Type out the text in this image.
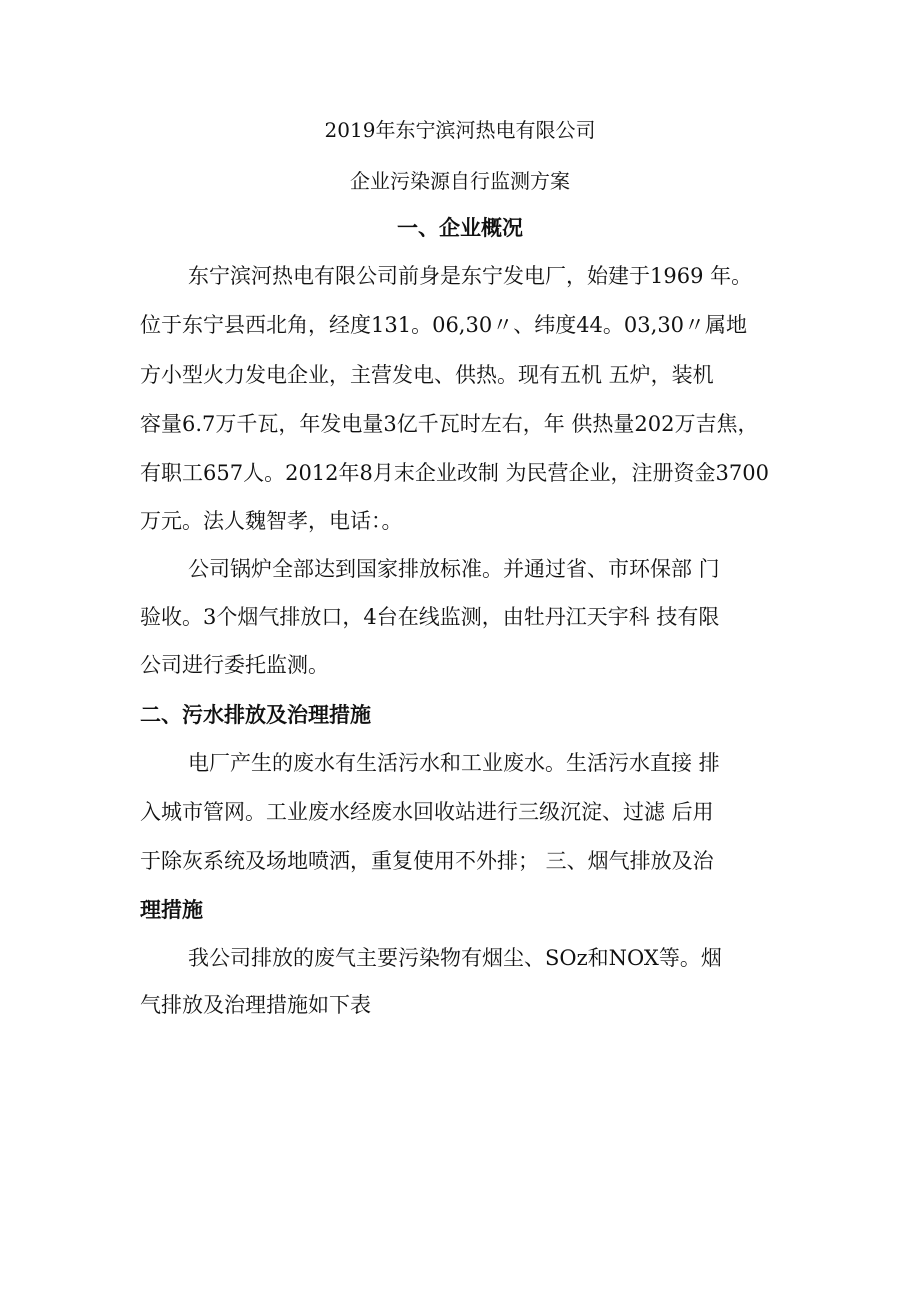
2019年东宁滨河热电有限公司

企业污染源自行监测方案

一、企业概况

东宁滨河热电有限公司前身是东宁发电厂，始建于1969 年。

位于东宁县西北角，经度131。06,30〃、纬度44。03,30〃属地

方小型火力发电企业，主营发电、供热。现有五机 五炉，装机

容量6.7万千瓦，年发电量3亿千瓦时左右，年 供热量202万吉焦，

有职工657人。2012年8月末企业改制 为民营企业，注册资金3700

万元。法人魏智孝，电话：。

公司锅炉全部达到国家排放标准。并通过省、市环保部 门

验收。3个烟气排放口，4台在线监测，由牡丹江天宇科 技有限

公司进行委托监测。

二、污水排放及治理措施

电厂产生的废水有生活污水和工业废水。生活污水直接 排

入城市管网。工业废水经废水回收站进行三级沉淀、过滤 后用

于除灰系统及场地喷洒，重复使用不外排； 三、烟气排放及治

理措施

我公司排放的废气主要污染物有烟尘、SOz和NOX等。烟

气排放及治理措施如下表
